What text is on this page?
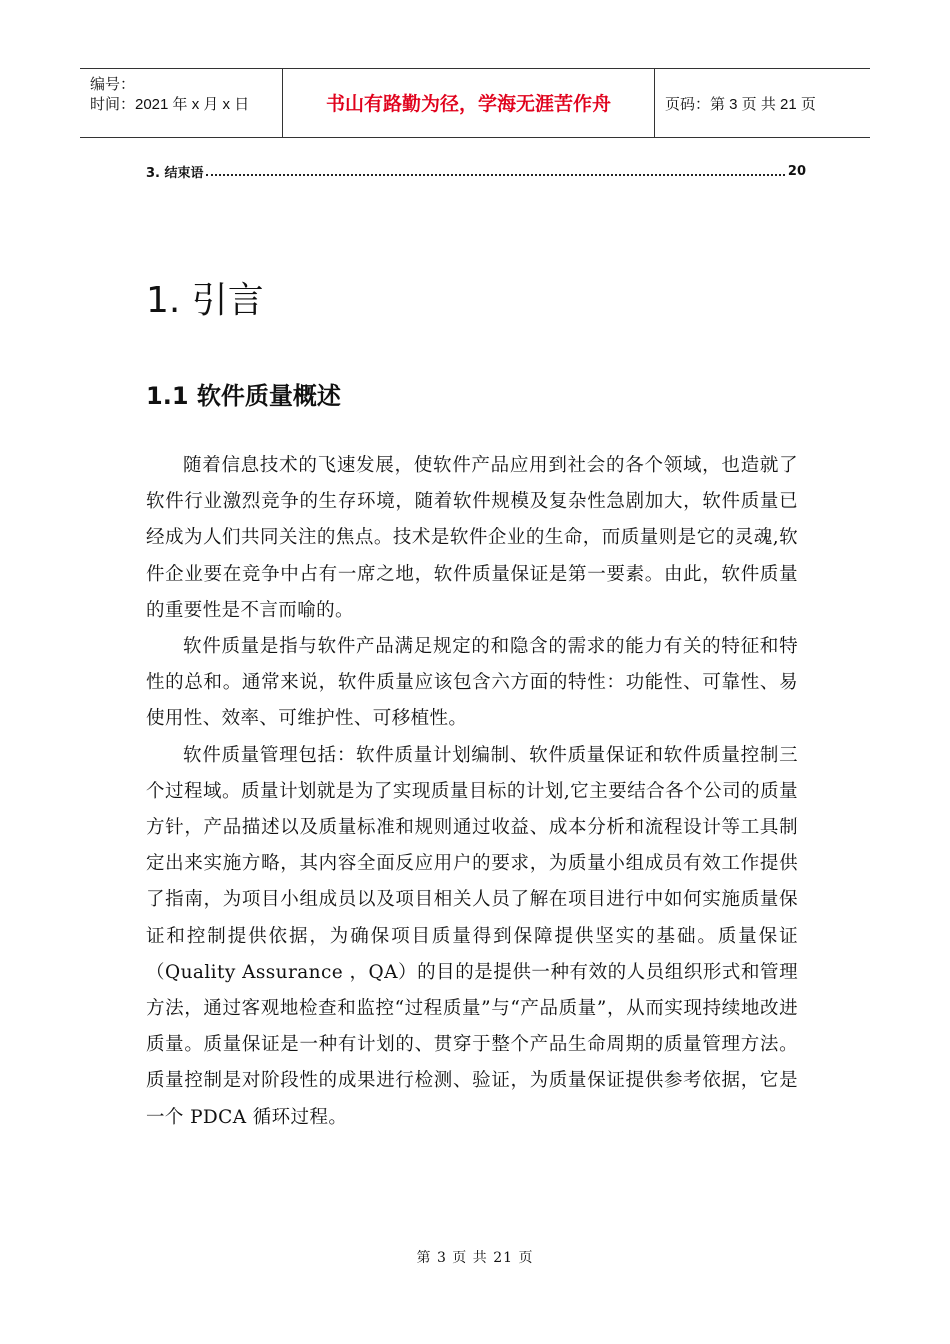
编号：
时间：2021 年 x 月 x 日	书山有路勤为径，学海无涯苦作舟	页码：第 3 页 共 21 页
3. 结束语	20
1. 引言
1.1 软件质量概述

随着信息技术的飞速发展，使软件产品应用到社会的各个领域，也造就了软件行业激烈竞争的生存环境，随着软件规模及复杂性急剧加大，软件质量已经成为人们共同关注的焦点。技术是软件企业的生命，而质量则是它的灵魂,软件企业要在竞争中占有一席之地，软件质量保证是第一要素。由此，软件质量的重要性是不言而喻的。

软件质量是指与软件产品满足规定的和隐含的需求的能力有关的特征和特性的总和。通常来说，软件质量应该包含六方面的特性：功能性、可靠性、易使用性、效率、可维护性、可移植性。

软件质量管理包括：软件质量计划编制、软件质量保证和软件质量控制三个过程域。质量计划就是为了实现质量目标的计划,它主要结合各个公司的质量方针，产品描述以及质量标准和规则通过收益、成本分析和流程设计等工具制定出来实施方略，其内容全面反应用户的要求，为质量小组成员有效工作提供了指南，为项目小组成员以及项目相关人员了解在项目进行中如何实施质量保证和控制提供依据，为确保项目质量得到保障提供坚实的基础。质量保证（Quality Assurance ，QA）的目的是提供一种有效的人员组织形式和管理方法，通过客观地检查和监控“过程质量”与“产品质量”，从而实现持续地改进质量。质量保证是一种有计划的、贯穿于整个产品生命周期的质量管理方法。质量控制是对阶段性的成果进行检测、验证，为质量保证提供参考依据，它是一个 PDCA 循环过程。

第 3 页 共 21 页
